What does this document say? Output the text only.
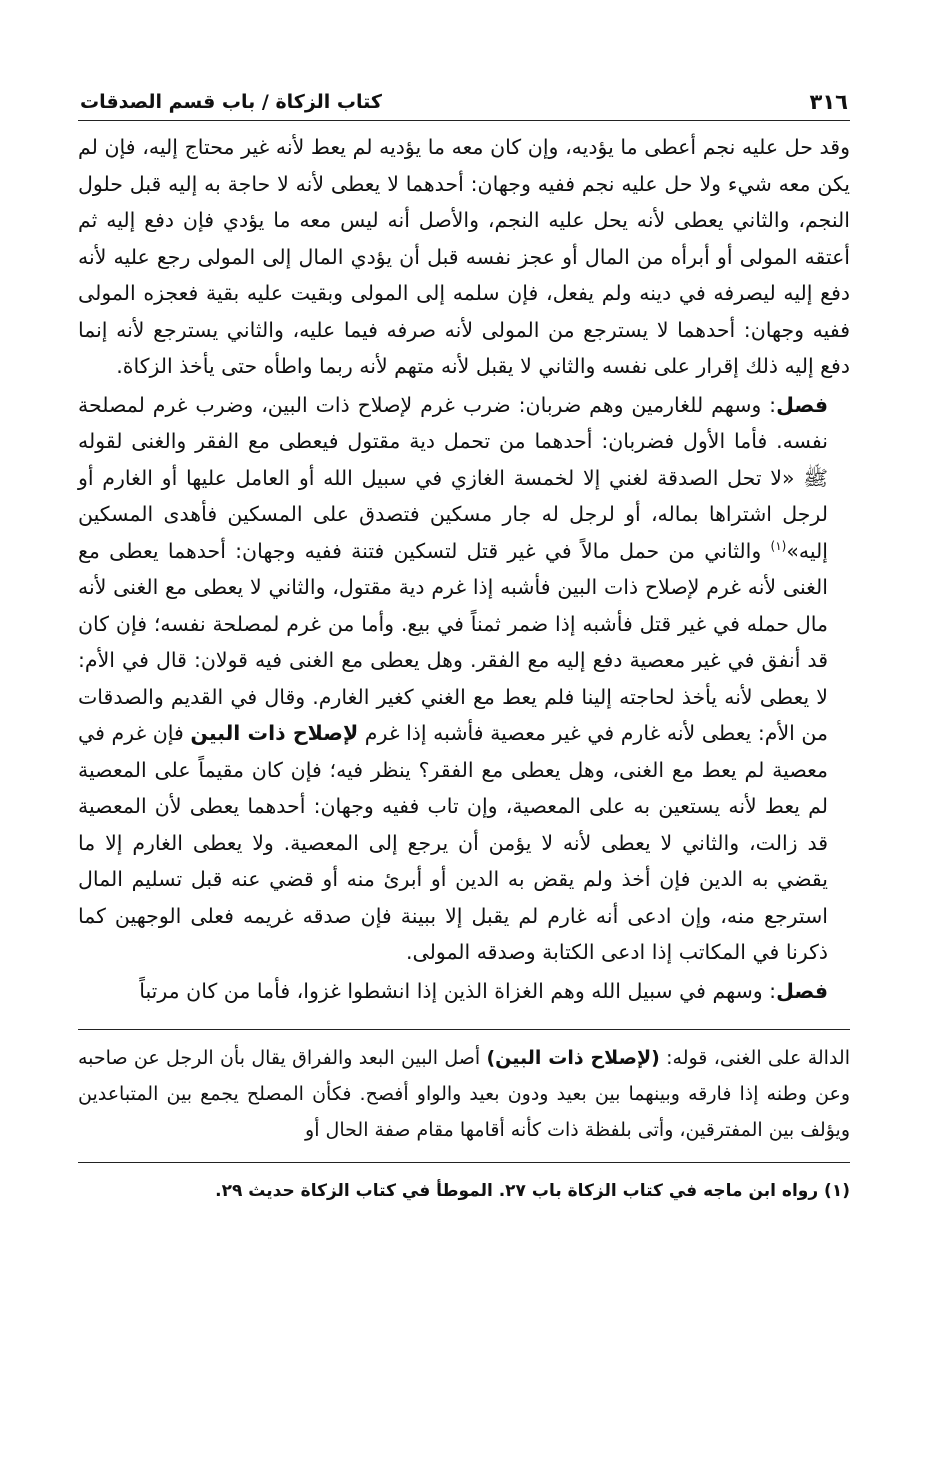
٣١٦
كتاب الزكاة / باب قسم الصدقات

وقد حل عليه نجم أعطى ما يؤديه، وإن كان معه ما يؤديه لم يعط لأنه غير محتاج إليه، فإن لم يكن معه شيء ولا حل عليه نجم ففيه وجهان: أحدهما لا يعطى لأنه لا حاجة به إليه قبل حلول النجم، والثاني يعطى لأنه يحل عليه النجم، والأصل أنه ليس معه ما يؤدي فإن دفع إليه ثم أعتقه المولى أو أبرأه من المال أو عجز نفسه قبل أن يؤدي المال إلى المولى رجع عليه لأنه دفع إليه ليصرفه في دينه ولم يفعل، فإن سلمه إلى المولى وبقيت عليه بقية فعجزه المولى ففيه وجهان: أحدهما لا يسترجع من المولى لأنه صرفه فيما عليه، والثاني يسترجع لأنه إنما دفع إليه ذلك إقرار على نفسه والثاني لا يقبل لأنه متهم لأنه ربما واطأه حتى يأخذ الزكاة.

فصل: وسهم للغارمين وهم ضربان: ضرب غرم لإصلاح ذات البين، وضرب غرم لمصلحة نفسه. فأما الأول فضربان: أحدهما من تحمل دية مقتول فيعطى مع الفقر والغنى لقوله ﷺ «لا تحل الصدقة لغني إلا لخمسة الغازي في سبيل الله أو العامل عليها أو الغارم أو لرجل اشتراها بماله، أو لرجل له جار مسكين فتصدق على المسكين فأهدى المسكين إليه»$^{(١)}$ والثاني من حمل مالاً في غير قتل لتسكين فتنة ففيه وجهان: أحدهما يعطى مع الغنى لأنه غرم لإصلاح ذات البين فأشبه إذا غرم دية مقتول، والثاني لا يعطى مع الغنى لأنه مال حمله في غير قتل فأشبه إذا ضمر ثمناً في بيع. وأما من غرم لمصلحة نفسه؛ فإن كان قد أنفق في غير معصية دفع إليه مع الفقر. وهل يعطى مع الغنى فيه قولان: قال في الأم: لا يعطى لأنه يأخذ لحاجته إلينا فلم يعط مع الغني كغير الغارم. وقال في القديم والصدقات من الأم: يعطى لأنه غارم في غير معصية فأشبه إذا غرم لإصلاح ذات البين فإن غرم في معصية لم يعط مع الغنى، وهل يعطى مع الفقر؟ ينظر فيه؛ فإن كان مقيماً على المعصية لم يعط لأنه يستعين به على المعصية، وإن تاب ففيه وجهان: أحدهما يعطى لأن المعصية قد زالت، والثاني لا يعطى لأنه لا يؤمن أن يرجع إلى المعصية. ولا يعطى الغارم إلا ما يقضي به الدين فإن أخذ ولم يقض به الدين أو أبرئ منه أو قضي عنه قبل تسليم المال استرجع منه، وإن ادعى أنه غارم لم يقبل إلا ببينة فإن صدقه غريمه فعلى الوجهين كما ذكرنا في المكاتب إذا ادعى الكتابة وصدقه المولى.

فصل: وسهم في سبيل الله وهم الغزاة الذين إذا انشطوا غزوا، فأما من كان مرتباً

الدالة على الغنى، قوله: (لإصلاح ذات البين) أصل البين البعد والفراق يقال بأن الرجل عن صاحبه وعن وطنه إذا فارقه وبينهما بين بعيد ودون بعيد والواو أفصح. فكأن المصلح يجمع بين المتباعدين ويؤلف بين المفترقين، وأتى بلفظة ذات كأنه أقامها مقام صفة الحال أو
(١) رواه ابن ماجه في كتاب الزكاة باب ٢٧. الموطأ في كتاب الزكاة حديث ٢٩.
